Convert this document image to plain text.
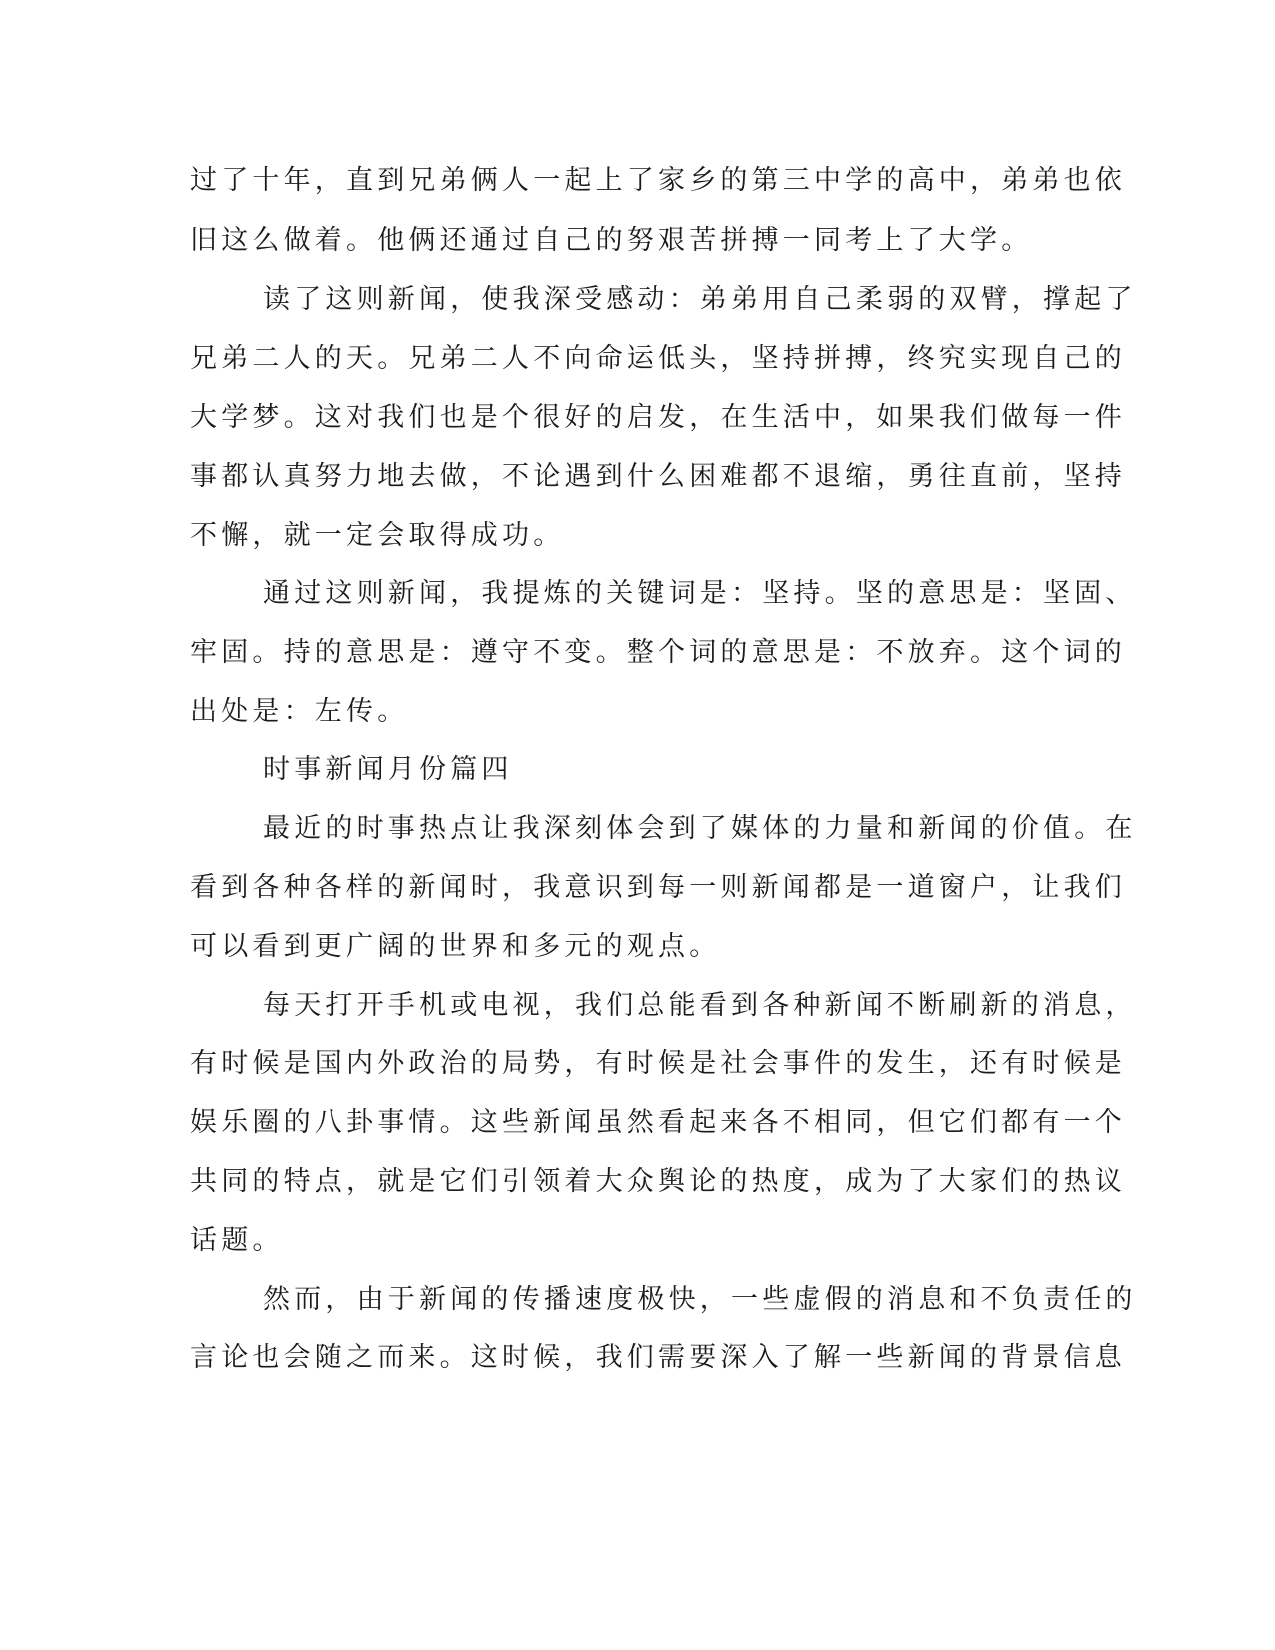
过了十年，直到兄弟俩人一起上了家乡的第三中学的高中，弟弟也依
旧这么做着。他俩还通过自己的努艰苦拼搏一同考上了大学。
读了这则新闻，使我深受感动：弟弟用自己柔弱的双臂，撑起了
兄弟二人的天。兄弟二人不向命运低头，坚持拼搏，终究实现自己的
大学梦。这对我们也是个很好的启发，在生活中，如果我们做每一件
事都认真努力地去做，不论遇到什么困难都不退缩，勇往直前，坚持
不懈，就一定会取得成功。
通过这则新闻，我提炼的关键词是：坚持。坚的意思是：坚固、
牢固。持的意思是：遵守不变。整个词的意思是：不放弃。这个词的
出处是：左传。
时事新闻月份篇四
最近的时事热点让我深刻体会到了媒体的力量和新闻的价值。在
看到各种各样的新闻时，我意识到每一则新闻都是一道窗户，让我们
可以看到更广阔的世界和多元的观点。
每天打开手机或电视，我们总能看到各种新闻不断刷新的消息，
有时候是国内外政治的局势，有时候是社会事件的发生，还有时候是
娱乐圈的八卦事情。这些新闻虽然看起来各不相同，但它们都有一个
共同的特点，就是它们引领着大众舆论的热度，成为了大家们的热议
话题。
然而，由于新闻的传播速度极快，一些虚假的消息和不负责任的
言论也会随之而来。这时候，我们需要深入了解一些新闻的背景信息
